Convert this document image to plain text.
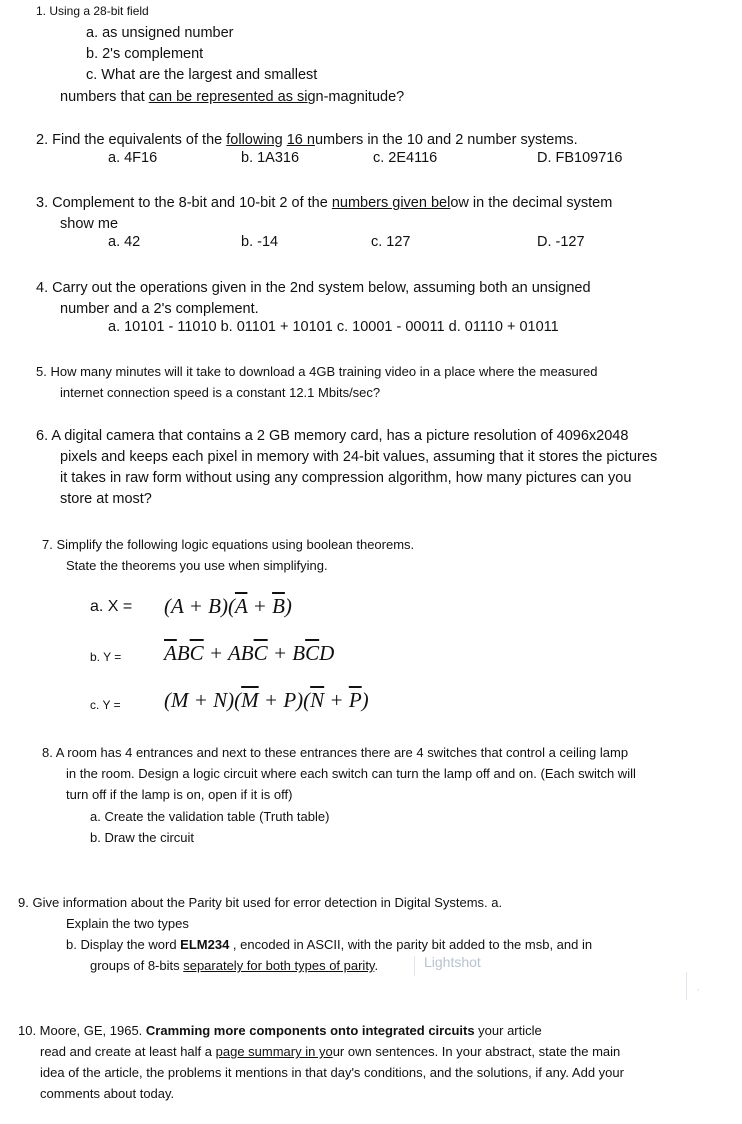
1. Using a 28-bit field
a. as unsigned number
b. 2's complement
c. What are the largest and smallest
numbers that can be represented as sign-magnitude?
2. Find the equivalents of the following 16 numbers in the 10 and 2 number systems.
a. 4F16	b. 1A316	c. 2E4116	D. FB109716
3. Complement to the 8-bit and 10-bit 2 of the numbers given below in the decimal system
show me
a. 42	b. -14	c. 127	D. -127
4. Carry out the operations given in the 2nd system below, assuming both an unsigned
number and a 2's complement.
a. 10101 - 11010 b. 01101 + 10101 c. 10001 - 00011 d. 01110 + 01011
5. How many minutes will it take to download a 4GB training video in a place where the measured
internet connection speed is a constant 12.1 Mbits/sec?
6. A digital camera that contains a 2 GB memory card, has a picture resolution of 4096x2048
pixels and keeps each pixel in memory with 24-bit values, assuming that it stores the pictures
it takes in raw form without using any compression algorithm, how many pictures can you
store at most?
7. Simplify the following logic equations using boolean theorems.
State the theorems you use when simplifying.
a. $X = (A + B)(\overline{A} + \overline{B})$
b. $Y = \overline{A}B\overline{C} + AB\overline{C} + B\overline{C}D$
c. $Y = (M + N)(\overline{M} + P)(\overline{N} + \overline{P})$
8. A room has 4 entrances and next to these entrances there are 4 switches that control a ceiling lamp
in the room. Design a logic circuit where each switch can turn the lamp off and on. (Each switch will
turn off if the lamp is on, open if it is off)
a. Create the validation table (Truth table)
b. Draw the circuit
9. Give information about the Parity bit used for error detection in Digital Systems. a.
Explain the two types
b. Display the word ELM234 , encoded in ASCII, with the parity bit added to the msb, and in
groups of 8-bits separately for both types of parity.	Lightshot
◦
10. Moore, GE, 1965. Cramming more components onto integrated circuits your article
read and create at least half a page summary in your own sentences. In your abstract, state the main
idea of the article, the problems it mentions in that day's conditions, and the solutions, if any. Add your
comments about today.
